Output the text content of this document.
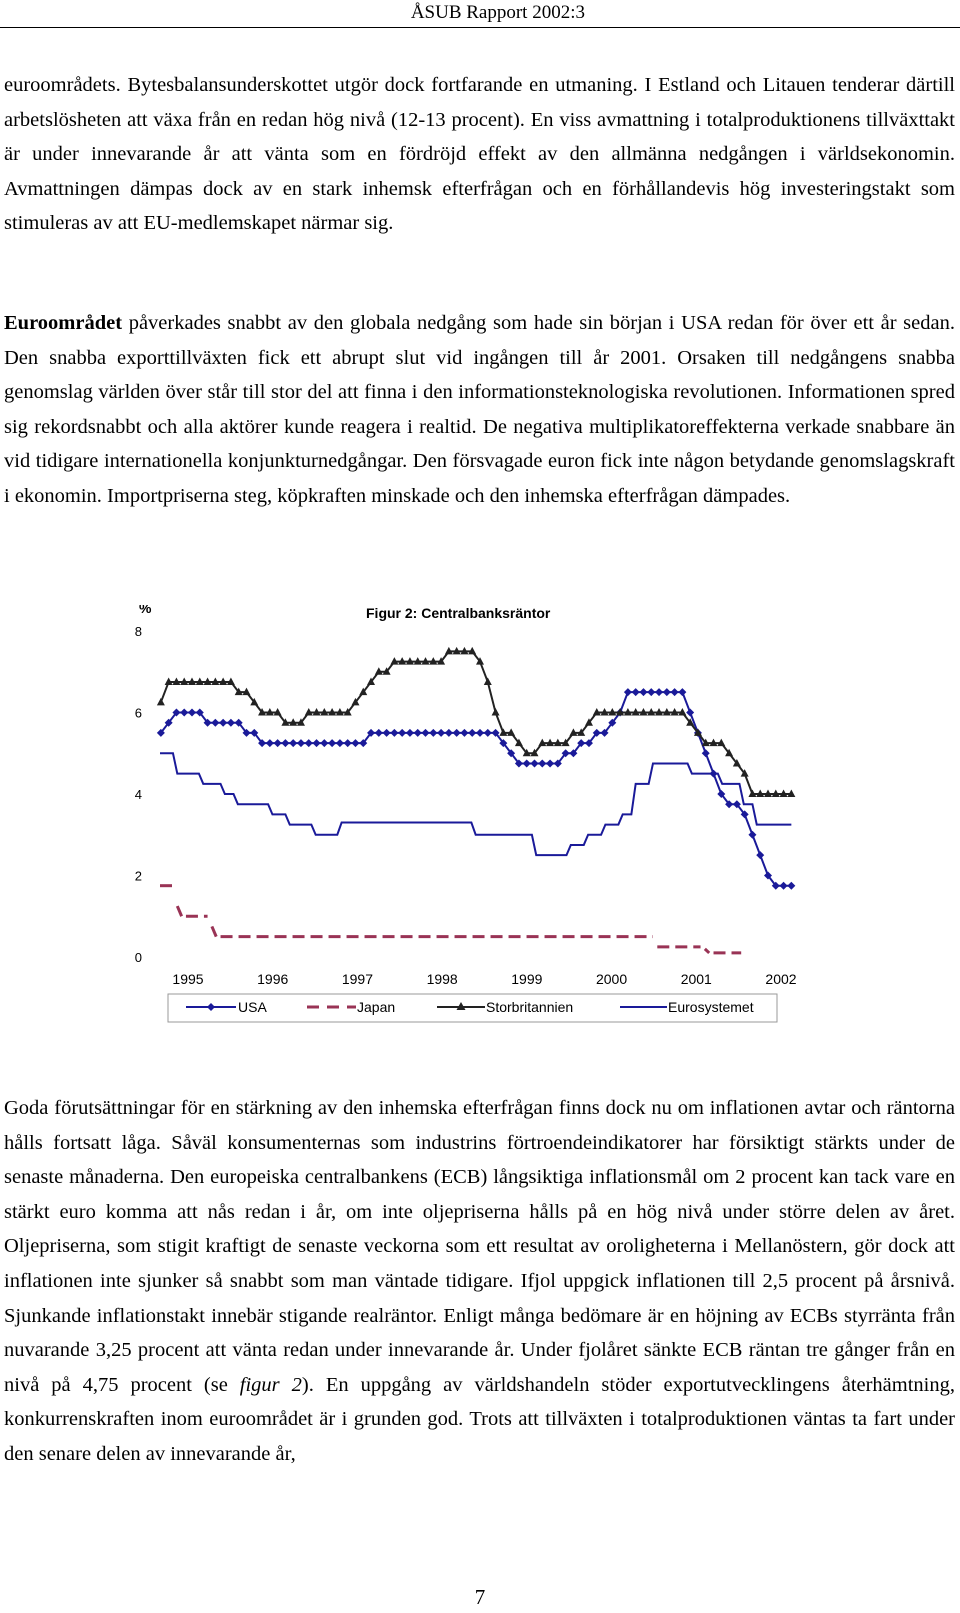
ÅSUB Rapport 2002:3

euroområdets. Bytesbalansunderskottet utgör dock fortfarande en utmaning. I Estland och Litauen tenderar därtill arbetslösheten att växa från en redan hög nivå (12-13 procent). En viss avmattning i totalproduktionens tillväxttakt är under innevarande år att vänta som en fördröjd effekt av den allmänna nedgången i världsekonomin. Avmattningen dämpas dock av en stark inhemsk efterfrågan och en förhållandevis hög investeringstakt som stimuleras av att EU-medlemskapet närmar sig.

Euroområdet påverkades snabbt av den globala nedgång som hade sin början i USA redan för över ett år sedan. Den snabba exporttillväxten fick ett abrupt slut vid ingången till år 2001. Orsaken till nedgångens snabba genomslag världen över står till stor del att finna i den informationsteknologiska revolutionen. Informationen spred sig rekordsnabbt och alla aktörer kunde reagera i realtid. De negativa multiplikatoreffekterna verkade snabbare än vid tidigare internationella konjunkturnedgångar. Den försvagade euron fick inte någon betydande genomslagskraft i ekonomin. Importpriserna steg, köpkraften minskade och den inhemska efterfrågan dämpades.

Figur 2: Centralbanksräntor
%
0
2
4
6
8
1995	1996	1997	1998	1999	2000	2001	2002
USA	Japan	Storbritannien	Eurosystemet

Goda förutsättningar för en stärkning av den inhemska efterfrågan finns dock nu om inflationen avtar och räntorna hålls fortsatt låga. Såväl konsumenternas som industrins förtroendeindikatorer har försiktigt stärkts under de senaste månaderna. Den europeiska centralbankens (ECB) långsiktiga inflationsmål om 2 procent kan tack vare en stärkt euro komma att nås redan i år, om inte oljepriserna hålls på en hög nivå under större delen av året. Oljepriserna, som stigit kraftigt de senaste veckorna som ett resultat av oroligheterna i Mellanöstern, gör dock att inflationen inte sjunker så snabbt som man väntade tidigare. Ifjol uppgick inflationen till 2,5 procent på årsnivå. Sjunkande inflationstakt innebär stigande realräntor. Enligt många bedömare är en höjning av ECBs styrränta från nuvarande 3,25 procent att vänta redan under innevarande år. Under fjolåret sänkte ECB räntan tre gånger från en nivå på 4,75 procent (se figur 2). En uppgång av världshandeln stöder exportutvecklingens återhämtning, konkurrenskraften inom euroområdet är i grunden god. Trots att tillväxten i totalproduktionen väntas ta fart under den senare delen av innevarande år,

7
